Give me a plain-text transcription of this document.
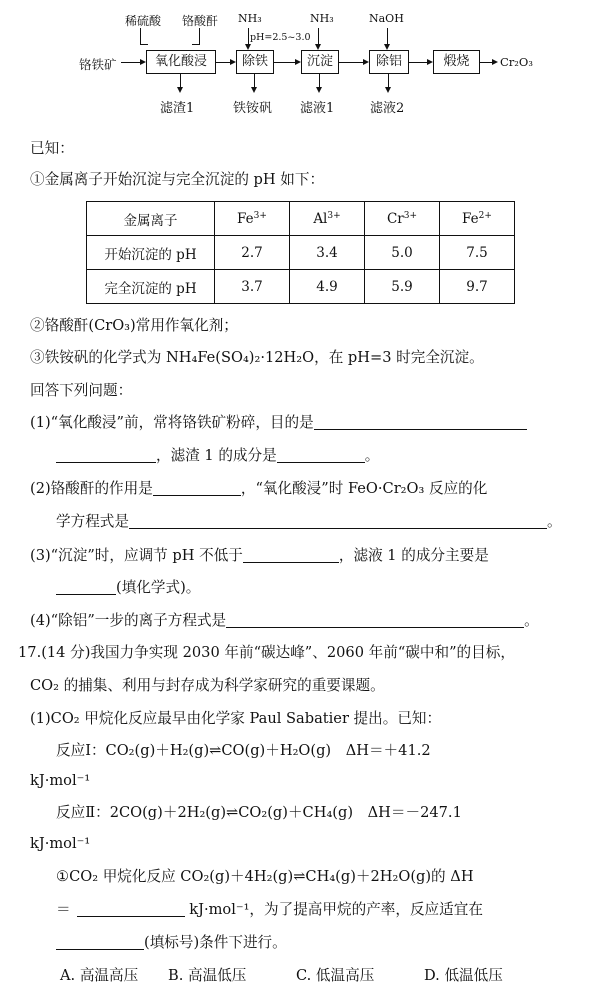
稀硫酸 铬酸酐 NH₃	NH₃	NaOH
pH=2.5~3.0
铬铁矿	氧化酸浸	除铁	沉淀	除铝	煅烧	Cr₂O₃
滤渣1	铁铵矾 滤液1	滤液2
已知：
①金属离子开始沉淀与完全沉淀的 pH 如下：
金属离子	$Fe^{3+}$	$Al^{3+}$	$Cr^{3+}$	$Fe^{2+}$
开始沉淀的 pH	2.7	3.4	5.0	7.5
完全沉淀的 pH	3.7	4.9	5.9	9.7
②铬酸酐(CrO₃)常用作氧化剂；
③铁铵矾的化学式为 NH₄Fe(SO₄)₂·12H₂O，在 pH=3 时完全沉淀。
回答下列问题：
(1)“氧化酸浸”前，常将铬铁矿粉碎，目的是
，滤渣 1 的成分是	。
(2)铬酸酐的作用是	，“氧化酸浸”时 FeO·Cr₂O₃ 反应的化
学方程式是	。
(3)“沉淀”时，应调节 pH 不低于	，滤液 1 的成分主要是
(填化学式)。
(4)“除铝”一步的离子方程式是	。
17.(14 分)我国力争实现 2030 年前“碳达峰”、2060 年前“碳中和”的目标，
CO₂ 的捕集、利用与封存成为科学家研究的重要课题。
(1)CO₂ 甲烷化反应最早由化学家 Paul Sabatier 提出。已知：
反应Ⅰ：CO₂(g)＋H₂(g)⇌CO(g)＋H₂O(g)　ΔH＝＋41.2
kJ·mol⁻¹
反应Ⅱ：2CO(g)＋2H₂(g)⇌CO₂(g)＋CH₄(g)　ΔH＝－247.1
kJ·mol⁻¹
①CO₂ 甲烷化反应 CO₂(g)＋4H₂(g)⇌CH₄(g)＋2H₂O(g)的 ΔH
＝	kJ·mol⁻¹，为了提高甲烷的产率，反应适宜在
(填标号)条件下进行。
A. 高温高压 B. 高温低压	C. 低温高压	D. 低温低压
